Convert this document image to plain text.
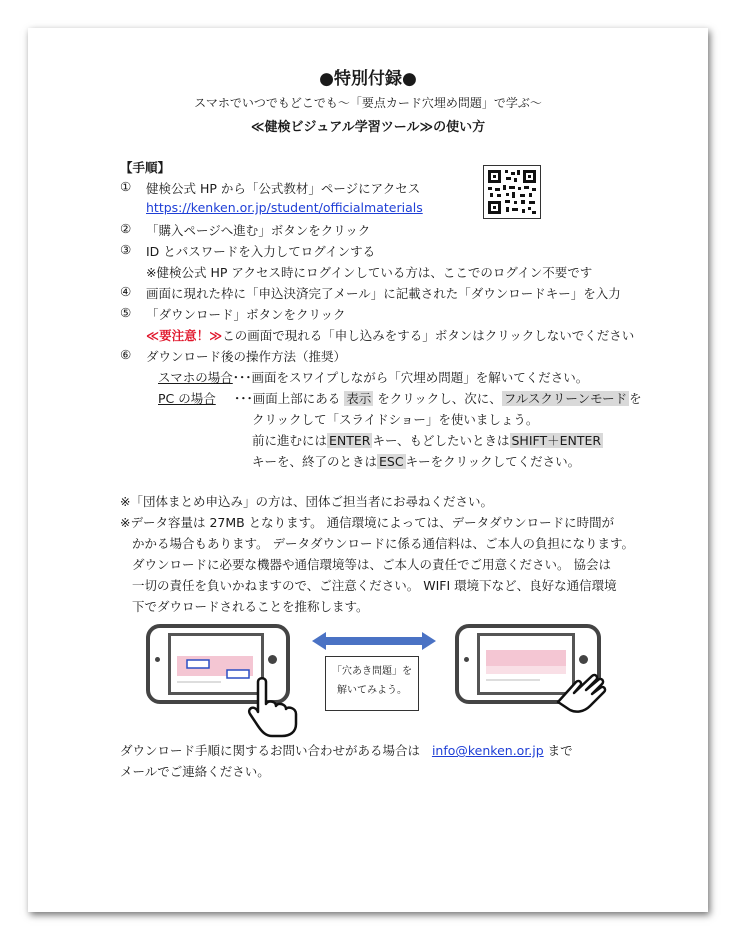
●特別付録●
スマホでいつでもどこでも～「要点カード穴埋め問題」で学ぶ～
≪健検ビジュアル学習ツール≫の使い方
【手順】
① 健検公式 HP から「公式教材」ページにアクセス
https://kenken.or.jp/student/officialmaterials
② 「購入ページへ進む」ボタンをクリック
③ ID とパスワードを入力してログインする
※健検公式 HP アクセス時にログインしている方は、ここでのログイン不要です
④ 画面に現れた枠に「申込決済完了メール」に記載された「ダウンロードキー」を入力
⑤ 「ダウンロード」ボタンをクリック
≪要注意！≫この画面で現れる「申し込みをする」ボタンはクリックしないでください
⑥ ダウンロード後の操作方法（推奨）
スマホの場合･･･画面をスワイプしながら「穴埋め問題」を解いてください。
PC の場合 ･･･画面上部にある 表示 をクリックし、次に、 フルスクリーンモード を
クリックして「スライドショー」を使いましょう。
前に進むには ENTER キー、もどしたいときは SHIFT＋ENTER
キーを、終了のときは ESC キーをクリックしてください。
※「団体まとめ申込み」の方は、団体ご担当者にお尋ねください。
※データ容量は 27MB となります。 通信環境によっては、データダウンロードに時間が
かかる場合もあります。 データダウンロードに係る通信料は、ご本人の負担になります。
ダウンロードに必要な機器や通信環境等は、ご本人の責任でご用意ください。 協会は
一切の責任を負いかねますので、ご注意ください。 WIFI 環境下など、良好な通信環境
下でダウロードされることを推称します。
「穴あき問題」を
解いてみよう。
ダウンロード手順に関するお問い合わせがある場合は info@kenken.or.jp まで
メールでご連絡ください。
